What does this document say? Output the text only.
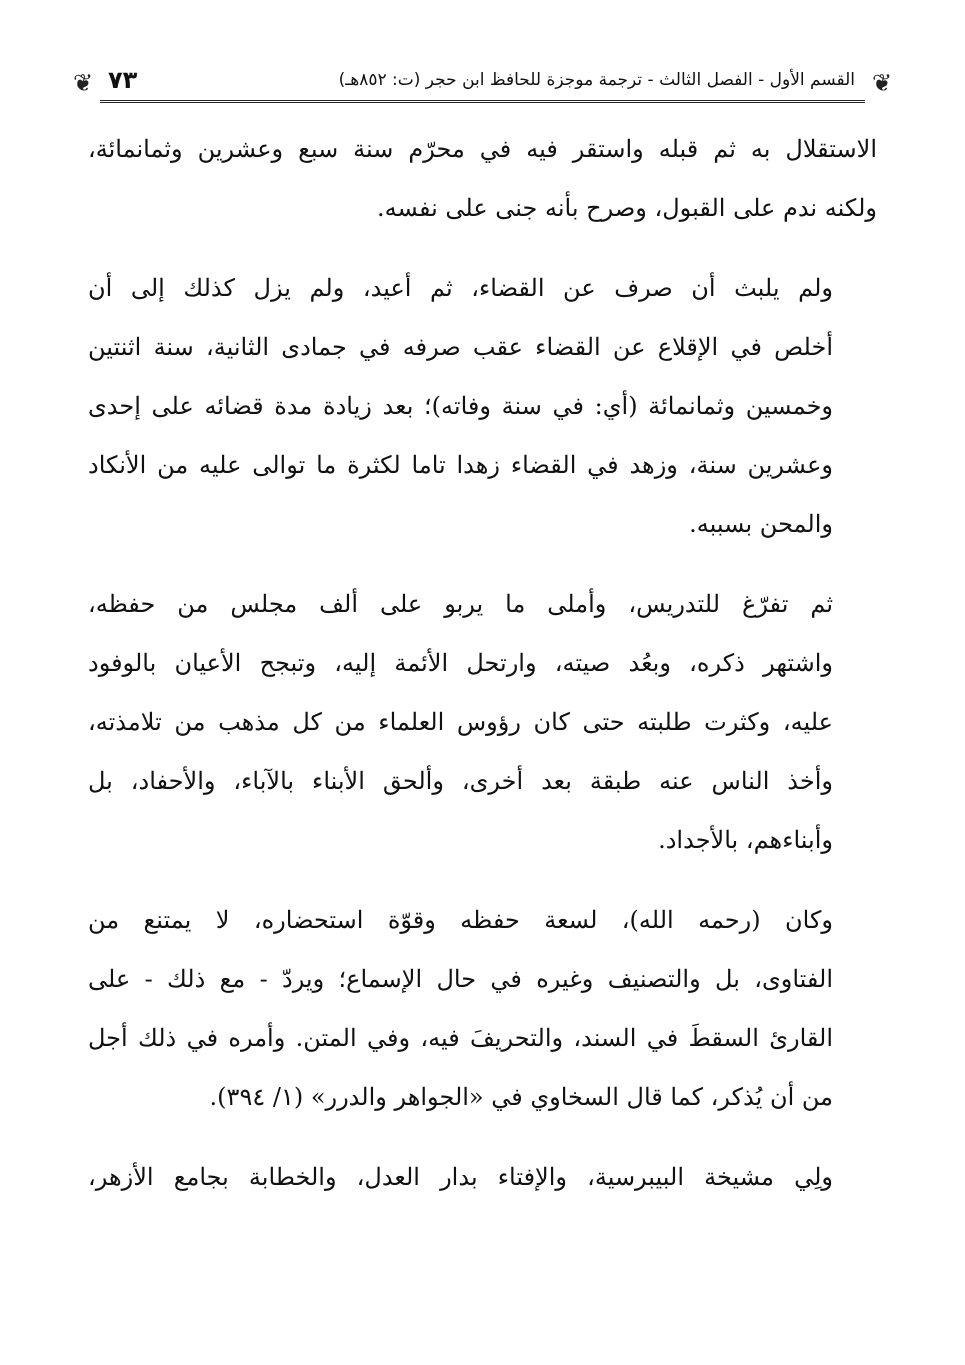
❦
القسم الأول - الفصل الثالث - ترجمة موجزة للحافظ ابن حجر (ت: ٨٥٢هـ)
٧٣
❦

الاستقلال به ثم قبله واستقر فيه في محرّم سنة سبع وعشرين وثمانمائة،
ولكنه ندم على القبول، وصرح بأنه جنى على نفسه.

ولم يلبث أن صرف عن القضاء، ثم أعيد، ولم يزل كذلك إلى أن
أخلص في الإقلاع عن القضاء عقب صرفه في جمادى الثانية، سنة اثنتين
وخمسين وثمانمائة (أي: في سنة وفاته)؛ بعد زيادة مدة قضائه على إحدى
وعشرين سنة، وزهد في القضاء زهدا تاما لكثرة ما توالى عليه من الأنكاد
والمحن بسببه.

ثم تفرّغ للتدريس، وأملى ما يربو على ألف مجلس من حفظه،
واشتهر ذكره، وبعُد صيته، وارتحل الأئمة إليه، وتبجح الأعيان بالوفود
عليه، وكثرت طلبته حتى كان رؤوس العلماء من كل مذهب من تلامذته،
وأخذ الناس عنه طبقة بعد أخرى، وألحق الأبناء بالآباء، والأحفاد، بل
وأبناءهم، بالأجداد.

وكان (رحمه الله)، لسعة حفظه وقوّة استحضاره، لا يمتنع من
الفتاوى، بل والتصنيف وغيره في حال الإسماع؛ ويردّ - مع ذلك - على
القارئ السقطَ في السند، والتحريفَ فيه، وفي المتن. وأمره في ذلك أجل
من أن يُذكر، كما قال السخاوي في «الجواهر والدرر» (١/ ٣٩٤).

ولِي مشيخة البيبرسية، والإفتاء بدار العدل، والخطابة بجامع الأزهر،
